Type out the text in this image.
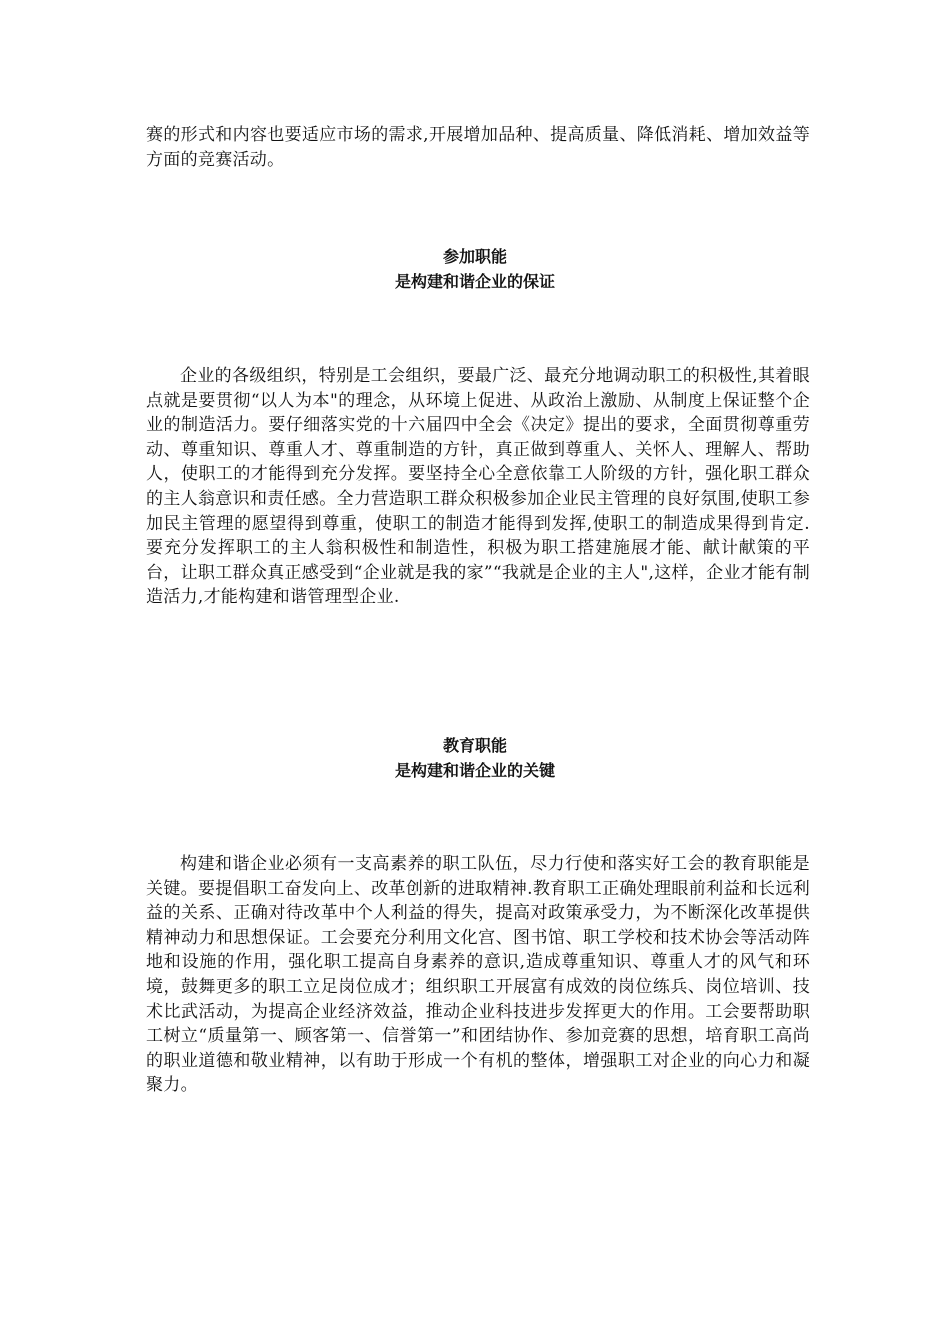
赛的形式和内容也要适应市场的需求,开展增加品种、提高质量、降低消耗、增加效益等方面的竞赛活动。

参加职能
是构建和谐企业的保证

企业的各级组织，特别是工会组织，要最广泛、最充分地调动职工的积极性,其着眼点就是要贯彻“以人为本"的理念，从环境上促进、从政治上激励、从制度上保证整个企业的制造活力。要仔细落实党的十六届四中全会《决定》提出的要求，全面贯彻尊重劳动、尊重知识、尊重人才、尊重制造的方针，真正做到尊重人、关怀人、理解人、帮助人，使职工的才能得到充分发挥。要坚持全心全意依靠工人阶级的方针，强化职工群众的主人翁意识和责任感。全力营造职工群众积极参加企业民主管理的良好氛围,使职工参加民主管理的愿望得到尊重，使职工的制造才能得到发挥,使职工的制造成果得到肯定.要充分发挥职工的主人翁积极性和制造性，积极为职工搭建施展才能、献计献策的平台，让职工群众真正感受到“企业就是我的家”“我就是企业的主人",这样，企业才能有制造活力,才能构建和谐管理型企业.

教育职能
是构建和谐企业的关键

构建和谐企业必须有一支高素养的职工队伍，尽力行使和落实好工会的教育职能是关键。要提倡职工奋发向上、改革创新的进取精神.教育职工正确处理眼前利益和长远利益的关系、正确对待改革中个人利益的得失，提高对政策承受力，为不断深化改革提供精神动力和思想保证。工会要充分利用文化宫、图书馆、职工学校和技术协会等活动阵地和设施的作用，强化职工提高自身素养的意识,造成尊重知识、尊重人才的风气和环境，鼓舞更多的职工立足岗位成才；组织职工开展富有成效的岗位练兵、岗位培训、技术比武活动，为提高企业经济效益，推动企业科技进步发挥更大的作用。工会要帮助职工树立“质量第一、顾客第一、信誉第一”和团结协作、参加竞赛的思想，培育职工高尚的职业道德和敬业精神，以有助于形成一个有机的整体，增强职工对企业的向心力和凝聚力。
